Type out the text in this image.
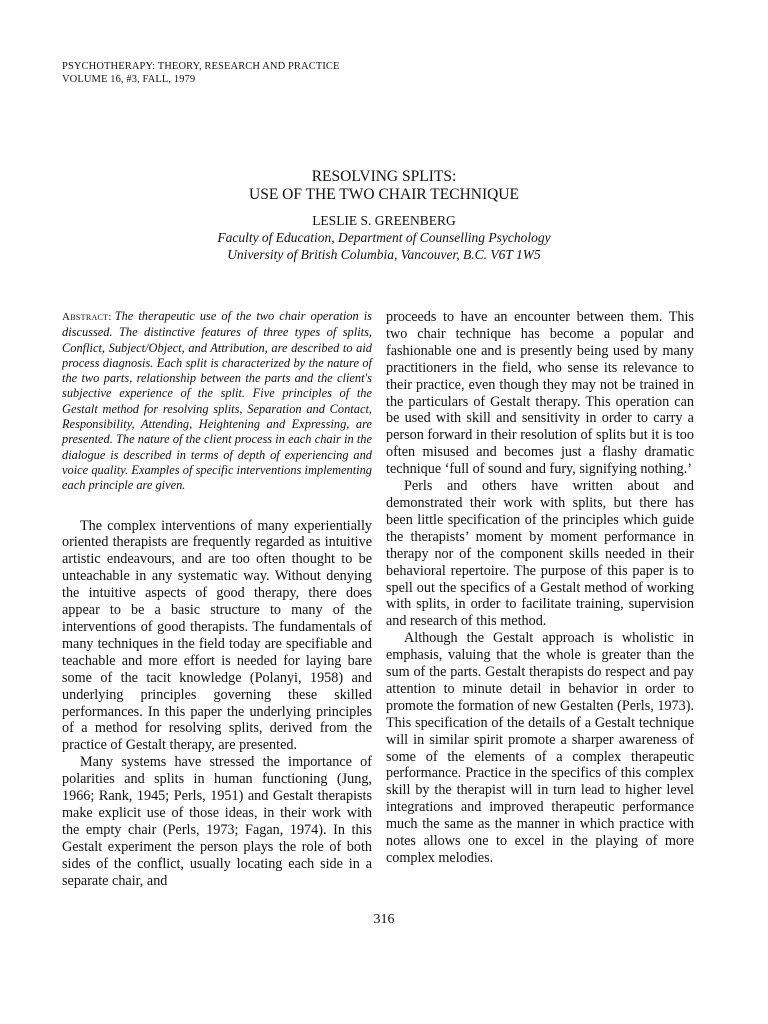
PSYCHOTHERAPY: THEORY, RESEARCH AND PRACTICE
VOLUME 16, #3, FALL, 1979
RESOLVING SPLITS:
USE OF THE TWO CHAIR TECHNIQUE
LESLIE S. GREENBERG
Faculty of Education, Department of Counselling Psychology
University of British Columbia, Vancouver, B.C. V6T 1W5

Abstract: The therapeutic use of the two chair operation is discussed. The distinctive features of three types of splits, Conflict, Subject/Object, and Attribution, are described to aid process diagnosis. Each split is characterized by the nature of the two parts, relationship between the parts and the client's subjective experience of the split. Five principles of the Gestalt method for resolving splits, Separation and Contact, Responsibility, Attending, Heightening and Expressing, are presented. The nature of the client process in each chair in the dialogue is described in terms of depth of experiencing and voice quality. Examples of specific interventions implementing each principle are given.

The complex interventions of many experientially oriented therapists are frequently regarded as intuitive artistic endeavours, and are too often thought to be unteachable in any systematic way. Without denying the intuitive aspects of good therapy, there does appear to be a basic structure to many of the interventions of good therapists. The fundamentals of many techniques in the field today are specifiable and teachable and more effort is needed for laying bare some of the tacit knowledge (Polanyi, 1958) and underlying principles governing these skilled performances. In this paper the underlying principles of a method for resolving splits, derived from the practice of Gestalt therapy, are presented.

Many systems have stressed the importance of polarities and splits in human functioning (Jung, 1966; Rank, 1945; Perls, 1951) and Gestalt therapists make explicit use of those ideas, in their work with the empty chair (Perls, 1973; Fagan, 1974). In this Gestalt experiment the person plays the role of both sides of the conflict, usually locating each side in a separate chair, and

proceeds to have an encounter between them. This two chair technique has become a popular and fashionable one and is presently being used by many practitioners in the field, who sense its relevance to their practice, even though they may not be trained in the particulars of Gestalt therapy. This operation can be used with skill and sensitivity in order to carry a person forward in their resolution of splits but it is too often misused and becomes just a flashy dramatic technique ‘full of sound and fury, signifying nothing.’

Perls and others have written about and demonstrated their work with splits, but there has been little specification of the principles which guide the therapists’ moment by moment performance in therapy nor of the component skills needed in their behavioral repertoire. The purpose of this paper is to spell out the specifics of a Gestalt method of working with splits, in order to facilitate training, supervision and research of this method.

Although the Gestalt approach is wholistic in emphasis, valuing that the whole is greater than the sum of the parts. Gestalt therapists do respect and pay attention to minute detail in behavior in order to promote the formation of new Gestalten (Perls, 1973). This specification of the details of a Gestalt technique will in similar spirit promote a sharper awareness of some of the elements of a complex therapeutic performance. Practice in the specifics of this complex skill by the therapist will in turn lead to higher level integrations and improved therapeutic performance much the same as the manner in which practice with notes allows one to excel in the playing of more complex melodies.

316
